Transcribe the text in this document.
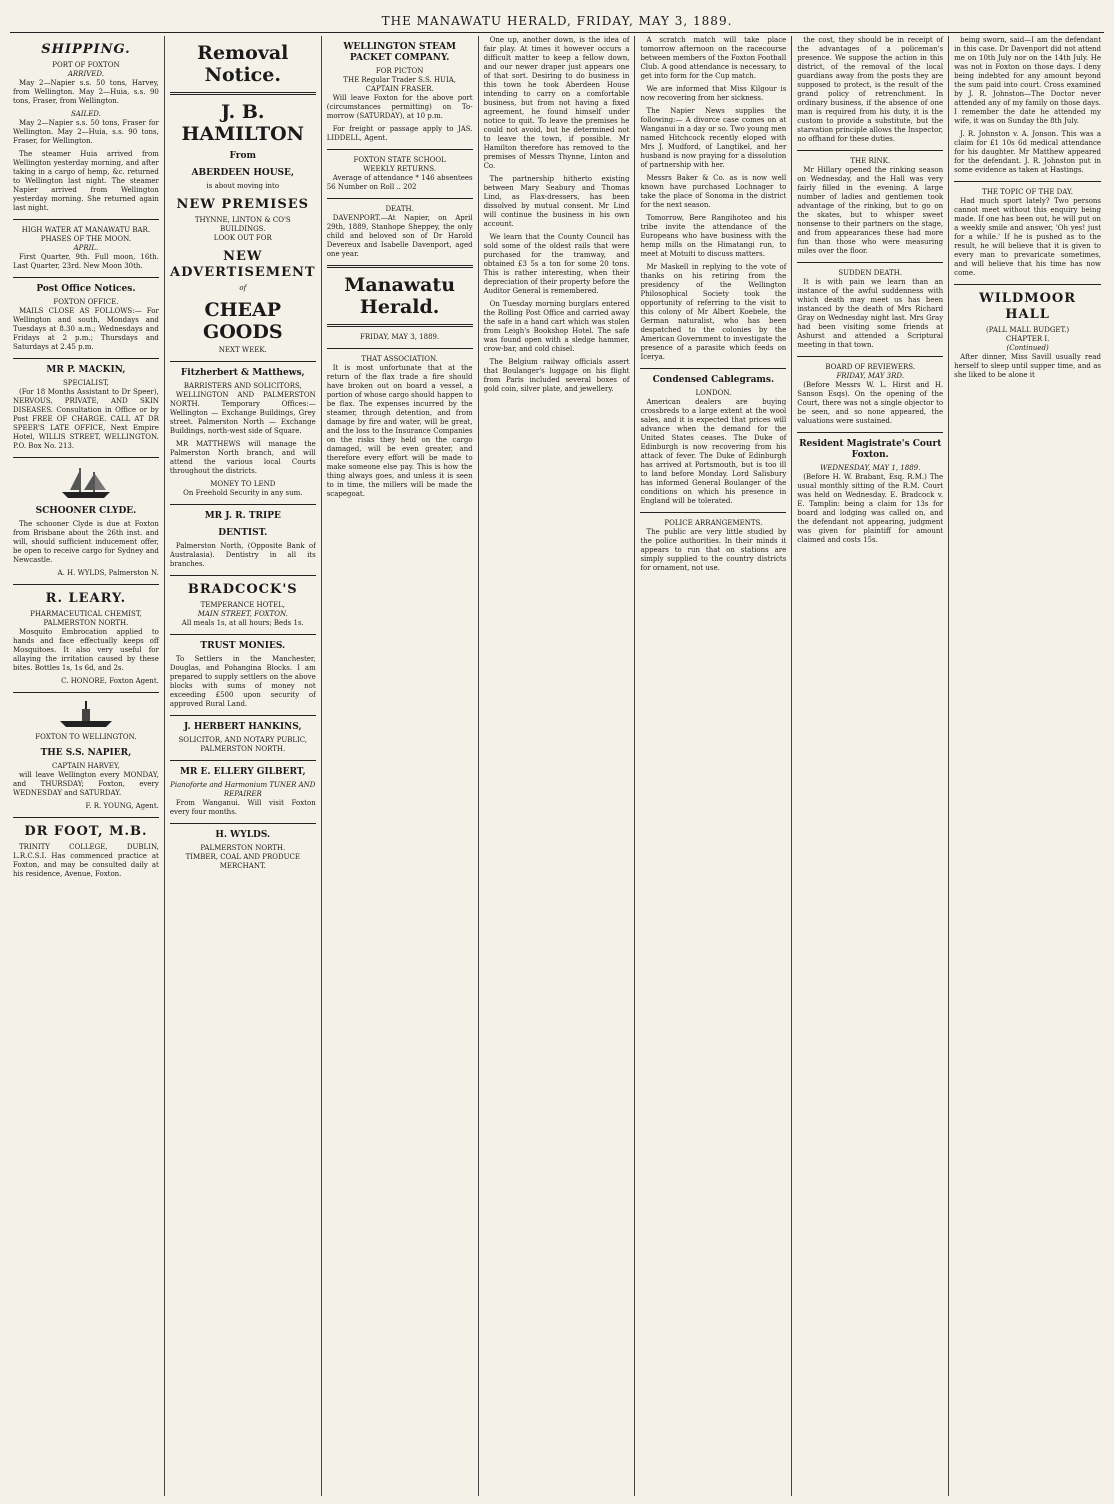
THE MANAWATU HERALD, FRIDAY, MAY 3, 1889.
SHIPPING.
PORT OF FOXTON
ARRIVED.
May 2—Napier s.s. 50 tons, Harvey, from Wellington. May 2—Huia, s.s. 90 tons, Fraser, from Wellington.
SAILED.
May 2—Napier s.s. 50 tons, Fraser for Wellington. May 2—Huia, s.s. 90 tons, Fraser, for Wellington.
The steamer Huia arrived from Wellington yesterday morning, and after taking in a cargo of hemp, &c. returned to Wellington last night. The steamer Napier arrived from Wellington yesterday morning. She returned again last night.
HIGH WATER AT MANAWATU BAR.
PHASES OF THE MOON.
APRIL.
First Quarter, 9th. Full moon, 16th. Last Quarter, 23rd. New Moon 30th.
Post Office Notices.
FOXTON OFFICE.
MAILS CLOSE AS FOLLOWS:— For Wellington and south, Mondays and Tuesdays at 8.30 a.m.; Wednesdays and Fridays at 2 p.m.; Thursdays and Saturdays at 2.45 p.m.
MR P. MACKIN,
SPECIALIST,
(For 18 Months Assistant to Dr Speer), NERVOUS, PRIVATE, AND SKIN DISEASES. Consultation in Office or by Post FREE OF CHARGE. CALL AT DR SPEER'S LATE OFFICE, Next Empire Hotel, WILLIS STREET, WELLINGTON. P.O. Box No. 213.
SCHOONER CLYDE.
The schooner Clyde is due at Foxton from Brisbane about the 26th inst. and will, should sufficient inducement offer, be open to receive cargo for Sydney and Newcastle.
A. H. WYLDS, Palmerston N.
R. LEARY.
PHARMACEUTICAL CHEMIST, PALMERSTON NORTH.
Mosquito Embrocation applied to hands and face effectually keeps off Mosquitoes. It also very useful for allaying the irritation caused by these bites. Bottles 1s, 1s 6d, and 2s.
C. HONORE, Foxton Agent.
FOXTON TO WELLINGTON.
THE S.S. NAPIER,
CAPTAIN HARVEY,
will leave Wellington every MONDAY, and THURSDAY; Foxton, every WEDNESDAY and SATURDAY.
F. R. YOUNG, Agent.
DR FOOT, M.B.
TRINITY COLLEGE, DUBLIN, L.R.C.S.I. Has commenced practice at Foxton, and may be consulted daily at his residence, Avenue, Foxton.
Removal Notice.
J. B. HAMILTON
From
ABERDEEN HOUSE,
is about moving into
NEW PREMISES
THYNNE, LINTON & CO'S
BUILDINGS.
LOOK OUT FOR
NEW ADVERTISEMENT
of
CHEAP GOODS
NEXT WEEK.
Fitzherbert & Matthews,
BARRISTERS AND SOLICITORS,
WELLINGTON AND PALMERSTON NORTH. Temporary Offices:— Wellington — Exchange Buildings, Grey street. Palmerston North — Exchange Buildings, north-west side of Square.
MR MATTHEWS will manage the Palmerston North branch, and will attend the various local Courts throughout the districts.
MONEY TO LEND
On Freehold Security in any sum.
MR J. R. TRIPE
DENTIST.
Palmerston North, (Opposite Bank of Australasia). Dentistry in all its branches.
BRADCOCK'S
TEMPERANCE HOTEL,
MAIN STREET, FOXTON.
All meals 1s, at all hours; Beds 1s.
TRUST MONIES.
To Settlers in the Manchester, Douglas, and Pohangina Blocks. I am prepared to supply settlers on the above blocks with sums of money not exceeding £500 upon security of approved Rural Land.
J. HERBERT HANKINS,
SOLICITOR, AND NOTARY PUBLIC, PALMERSTON NORTH.
MR E. ELLERY GILBERT,
Pianoforte and Harmonium TUNER AND REPAIRER
From Wanganui. Will visit Foxton every four months.
H. WYLDS.
PALMERSTON NORTH.
TIMBER, COAL AND PRODUCE MERCHANT.
WELLINGTON STEAM PACKET COMPANY.
FOR PICTON
THE Regular Trader S.S. HUIA,
CAPTAIN FRASER.
Will leave Foxton for the above port (circumstances permitting) on To-morrow (SATURDAY), at 10 p.m.
For freight or passage apply to JAS. LIDDELL, Agent.
FOXTON STATE SCHOOL
WEEKLY RETURNS.
Average of attendance * 146 absentees 56 Number on Roll .. 202
DEATH.
DAVENPORT.—At Napier, on April 29th, 1889, Stanhope Sheppey, the only child and beloved son of Dr Harold Devereux and Isabelle Davenport, aged one year.
Manawatu Herald.
FRIDAY, MAY 3, 1889.
THAT ASSOCIATION.
It is most unfortunate that at the return of the flax trade a fire should have broken out on board a vessel, a portion of whose cargo should happen to be flax. The expenses incurred by the steamer, through detention, and from damage by fire and water, will be great, and the loss to the Insurance Companies on the risks they held on the cargo damaged, will be even greater, and therefore every effort will be made to make someone else pay. This is how the thing always goes, and unless it is seen to in time, the millers will be made the scapegoat.
One up, another down, is the idea of fair play. At times it however occurs a difficult matter to keep a fellow down, and our newer draper just appears one of that sort. Desiring to do business in this town he took Aberdeen House intending to carry on a comfortable business, but from not having a fixed agreement, he found himself under notice to quit. To leave the premises he could not avoid, but he determined not to leave the town, if possible. Mr Hamilton therefore has removed to the premises of Messrs Thynne, Linton and Co.
The partnership hitherto existing between Mary Seabury and Thomas Lind, as Flax-dressers, has been dissolved by mutual consent. Mr Lind will continue the business in his own account.
We learn that the County Council has sold some of the oldest rails that were purchased for the tramway, and obtained £3 5s a ton for some 20 tons. This is rather interesting, when their depreciation of their property before the Auditor General is remembered.
On Tuesday morning burglars entered the Rolling Post Office and carried away the safe in a hand cart which was stolen from Leigh's Bookshop Hotel. The safe was found open with a sledge hammer, crow-bar, and cold chisel.
The Belgium railway officials assert that Boulanger's luggage on his flight from Paris included several boxes of gold coin, silver plate, and jewellery.
A scratch match will take place tomorrow afternoon on the racecourse between members of the Foxton Football Club. A good attendance is necessary, to get into form for the Cup match.
We are informed that Miss Kilgour is now recovering from her sickness.
The Napier News supplies the following:— A divorce case comes on at Wanganui in a day or so. Two young men named Hitchcock recently eloped with Mrs J. Mudford, of Langtikel, and her husband is now praying for a dissolution of partnership with her.
Messrs Baker & Co. as is now well known have purchased Lochnager to take the place of Sonoma in the district for the next season.
Tomorrow, Bere Rangihoteo and his tribe invite the attendance of the Europeans who have business with the hemp mills on the Himatangi run, to meet at Motuiti to discuss matters.
Mr Maskell in replying to the vote of thanks on his retiring from the presidency of the Wellington Philosophical Society took the opportunity of referring to the visit to this colony of Mr Albert Koebele, the German naturalist, who has been despatched to the colonies by the American Government to investigate the presence of a parasite which feeds on Icerya.
Condensed Cablegrams.
LONDON.
American dealers are buying crossbreds to a large extent at the wool sales, and it is expected that prices will advance when the demand for the United States ceases. The Duke of Edinburgh is now recovering from his attack of fever. The Duke of Edinburgh has arrived at Portsmouth, but is too ill to land before Monday. Lord Salisbury has informed General Boulanger of the conditions on which his presence in England will be tolerated.
POLICE ARRANGEMENTS.
The public are very little studied by the police authorities. In their minds it appears to run that on stations are simply supplied to the country districts for ornament, not use.
the cost, they should be in receipt of the advantages of a policeman's presence. We suppose the action in this district, of the removal of the local guardians away from the posts they are supposed to protect, is the result of the grand policy of retrenchment. In ordinary business, if the absence of one man is required from his duty, it is the custom to provide a substitute, but the starvation principle allows the Inspector, no offhand for these duties.
THE RINK.
Mr Hillary opened the rinking season on Wednesday, and the Hall was very fairly filled in the evening. A large number of ladies and gentlemen took advantage of the rinking, but to go on the skates, but to whisper sweet nonsense to their partners on the stage, and from appearances these had more fun than those who were measuring miles over the floor.
SUDDEN DEATH.
It is with pain we learn than an instance of the awful suddenness with which death may meet us has been instanced by the death of Mrs Richard Gray on Wednesday night last. Mrs Gray had been visiting some friends at Ashurst and attended a Scriptural meeting in that town.
BOARD OF REVIEWERS.
FRIDAY, MAY 3RD.
(Before Messrs W. L. Hirst and H. Sanson Esqs). On the opening of the Court, there was not a single objector to be seen, and so none appeared, the valuations were sustained.
Resident Magistrate's Court Foxton.
WEDNESDAY, MAY 1, 1889.
(Before H. W. Brabant, Esq. R.M.) The usual monthly sitting of the R.M. Court was held on Wednesday. E. Bradcock v. E. Tamplin: being a claim for 13s for board and lodging was called on, and the defendant not appearing, judgment was given for plaintiff for amount claimed and costs 15s.
being sworn, said—I am the defendant in this case. Dr Davenport did not attend me on 10th July nor on the 14th July. He was not in Foxton on those days. I deny being indebted for any amount beyond the sum paid into court. Cross examined by J. R. Johnston—The Doctor never attended any of my family on those days. I remember the date he attended my wife, it was on Sunday the 8th July.
J. R. Johnston v. A. Jonson. This was a claim for £1 10s 6d medical attendance for his daughter. Mr Matthew appeared for the defendant. J. R. Johnston put in some evidence as taken at Hastings.
THE TOPIC OF THE DAY.
Had much sport lately? Two persons cannot meet without this enquiry being made. If one has been out, he will put on a weekly smile and answer, 'Oh yes! just for a while.' If he is pushed as to the result, he will believe that it is given to every man to prevaricate sometimes, and will believe that his time has now come.
WILDMOOR HALL
(PALL MALL BUDGET.)
CHAPTER I.
(Continued)
After dinner, Miss Savill usually read herself to sleep until supper time, and as she liked to be alone it
